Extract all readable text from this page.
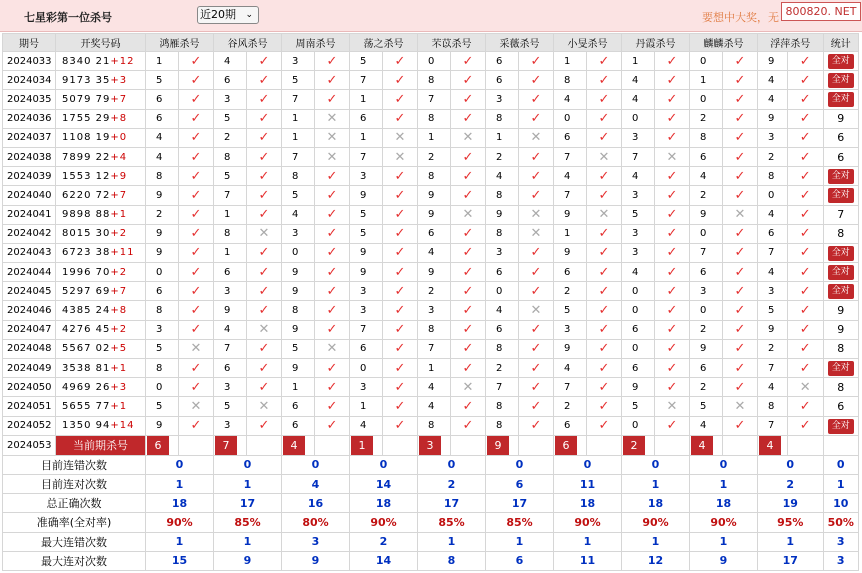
七星彩第一位杀号	近20期 ⌄	要想中大奖，无 800820. NET
期号	开奖号码	鸿雁杀号		谷风杀号		周南杀号		荡之杀号		芣苡杀号		采薇杀号		小旻杀号		丹霞杀号		麟麟杀号		浮萍杀号		统计
2024033	8340 21+12	1	✓	4	✓	3	✓	5	✓	0	✓	6	✓	1	✓	1	✓	0	✓	9	✓	全对
2024034	9173 35+3	5	✓	6	✓	5	✓	7	✓	8	✓	6	✓	8	✓	4	✓	1	✓	4	✓	全对
2024035	5079 79+7	6	✓	3	✓	7	✓	1	✓	7	✓	3	✓	4	✓	4	✓	0	✓	4	✓	全对
2024036	1755 29+8	6	✓	5	✓	1	✕	6	✓	8	✓	8	✓	0	✓	0	✓	2	✓	9	✓	9
2024037	1108 19+0	4	✓	2	✓	1	✕	1	✕	1	✕	1	✕	6	✓	3	✓	8	✓	3	✓	6
2024038	7899 22+4	4	✓	8	✓	7	✕	7	✕	2	✓	2	✓	7	✕	7	✕	6	✓	2	✓	6
2024039	1553 12+9	8	✓	5	✓	8	✓	3	✓	8	✓	4	✓	4	✓	4	✓	4	✓	8	✓	全对
2024040	6220 72+7	9	✓	7	✓	5	✓	9	✓	9	✓	8	✓	7	✓	3	✓	2	✓	0	✓	全对
2024041	9898 88+1	2	✓	1	✓	4	✓	5	✓	9	✕	9	✕	9	✕	5	✓	9	✕	4	✓	7
2024042	8015 30+2	9	✓	8	✕	3	✓	5	✓	6	✓	8	✕	1	✓	3	✓	0	✓	6	✓	8
2024043	6723 38+11	9	✓	1	✓	0	✓	9	✓	4	✓	3	✓	9	✓	3	✓	7	✓	7	✓	全对
2024044	1996 70+2	0	✓	6	✓	9	✓	9	✓	9	✓	6	✓	6	✓	4	✓	6	✓	4	✓	全对
2024045	5297 69+7	6	✓	3	✓	9	✓	3	✓	2	✓	0	✓	2	✓	0	✓	3	✓	3	✓	全对
2024046	4385 24+8	8	✓	9	✓	8	✓	3	✓	3	✓	4	✕	5	✓	0	✓	0	✓	5	✓	9
2024047	4276 45+2	3	✓	4	✕	9	✓	7	✓	8	✓	6	✓	3	✓	6	✓	2	✓	9	✓	9
2024048	5567 02+5	5	✕	7	✓	5	✕	6	✓	7	✓	8	✓	9	✓	0	✓	9	✓	2	✓	8
2024049	3538 81+1	8	✓	6	✓	9	✓	0	✓	1	✓	2	✓	4	✓	6	✓	6	✓	7	✓	全对
2024050	4969 26+3	0	✓	3	✓	1	✓	3	✓	4	✕	7	✓	7	✓	9	✓	2	✓	4	✕	8
2024051	5655 77+1	5	✕	5	✕	6	✓	1	✓	4	✓	8	✓	2	✓	5	✕	5	✕	8	✓	6
2024052	1350 94+14	9	✓	3	✓	6	✓	4	✓	8	✓	8	✓	6	✓	0	✓	4	✓	7	✓	全对
2024053	当前期杀号	6		7		4		1		3		9		6		2		4		4		
目前连错次数		0		0		0		0		0		0		0		0		0		0		0
目前连对次数		1		1		4		14		2		6		11		1		1		2		1
总正确次数		18		17		16		18		17		17		18		18		18		19		10
准确率(全对率)		90%		85%		80%		90%		85%		85%		90%		90%		90%		95%		50%
最大连错次数		1		1		3		2		1		1		1		1		1		1		3
最大连对次数		15		9		9		14		8		6		11		12		9		17		3
